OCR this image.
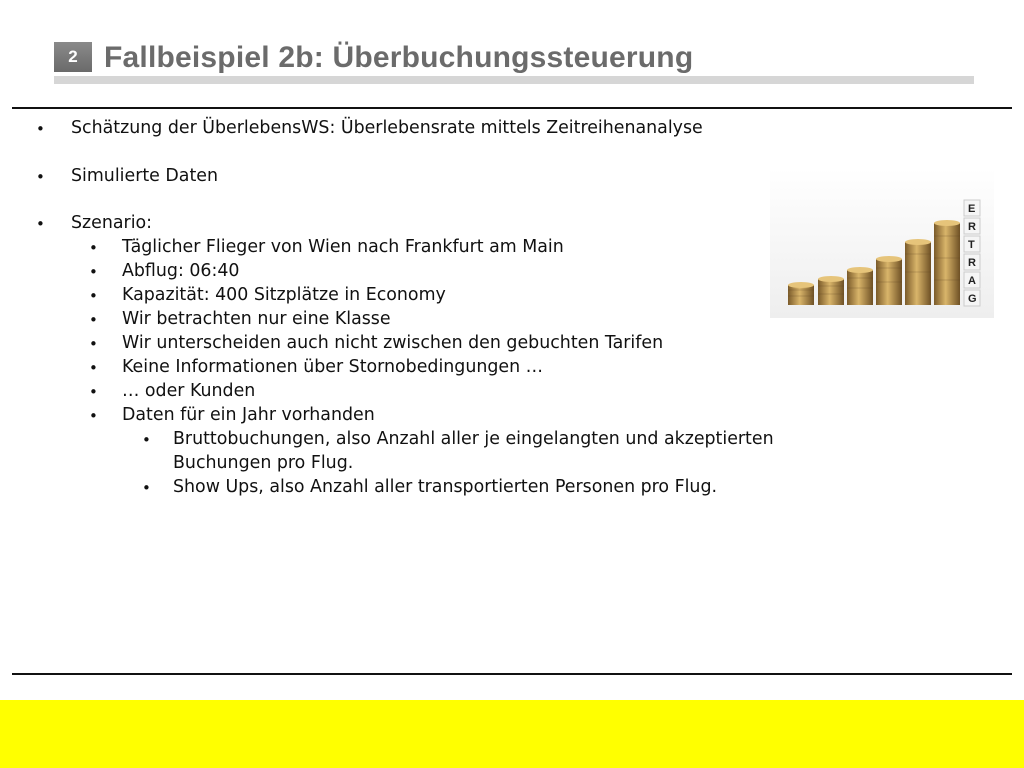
2 Fallbeispiel 2b: Überbuchungssteuerung
• Schätzung der ÜberlebensWS: Überlebensrate mittels Zeitreihenanalyse
• Simulierte Daten
• Szenario:
• Täglicher Flieger von Wien nach Frankfurt am Main
• Abflug: 06:40
• Kapazität: 400 Sitzplätze in Economy
• Wir betrachten nur eine Klasse
• Wir unterscheiden auch nicht zwischen den gebuchten Tarifen
• Keine Informationen über Stornobedingungen …
• … oder Kunden
• Daten für ein Jahr vorhanden
• Bruttobuchungen, also Anzahl aller je eingelangten und akzeptierten
Buchungen pro Flug.
• Show Ups, also Anzahl aller transportierten Personen pro Flug.
E
R
T
R
A
G
